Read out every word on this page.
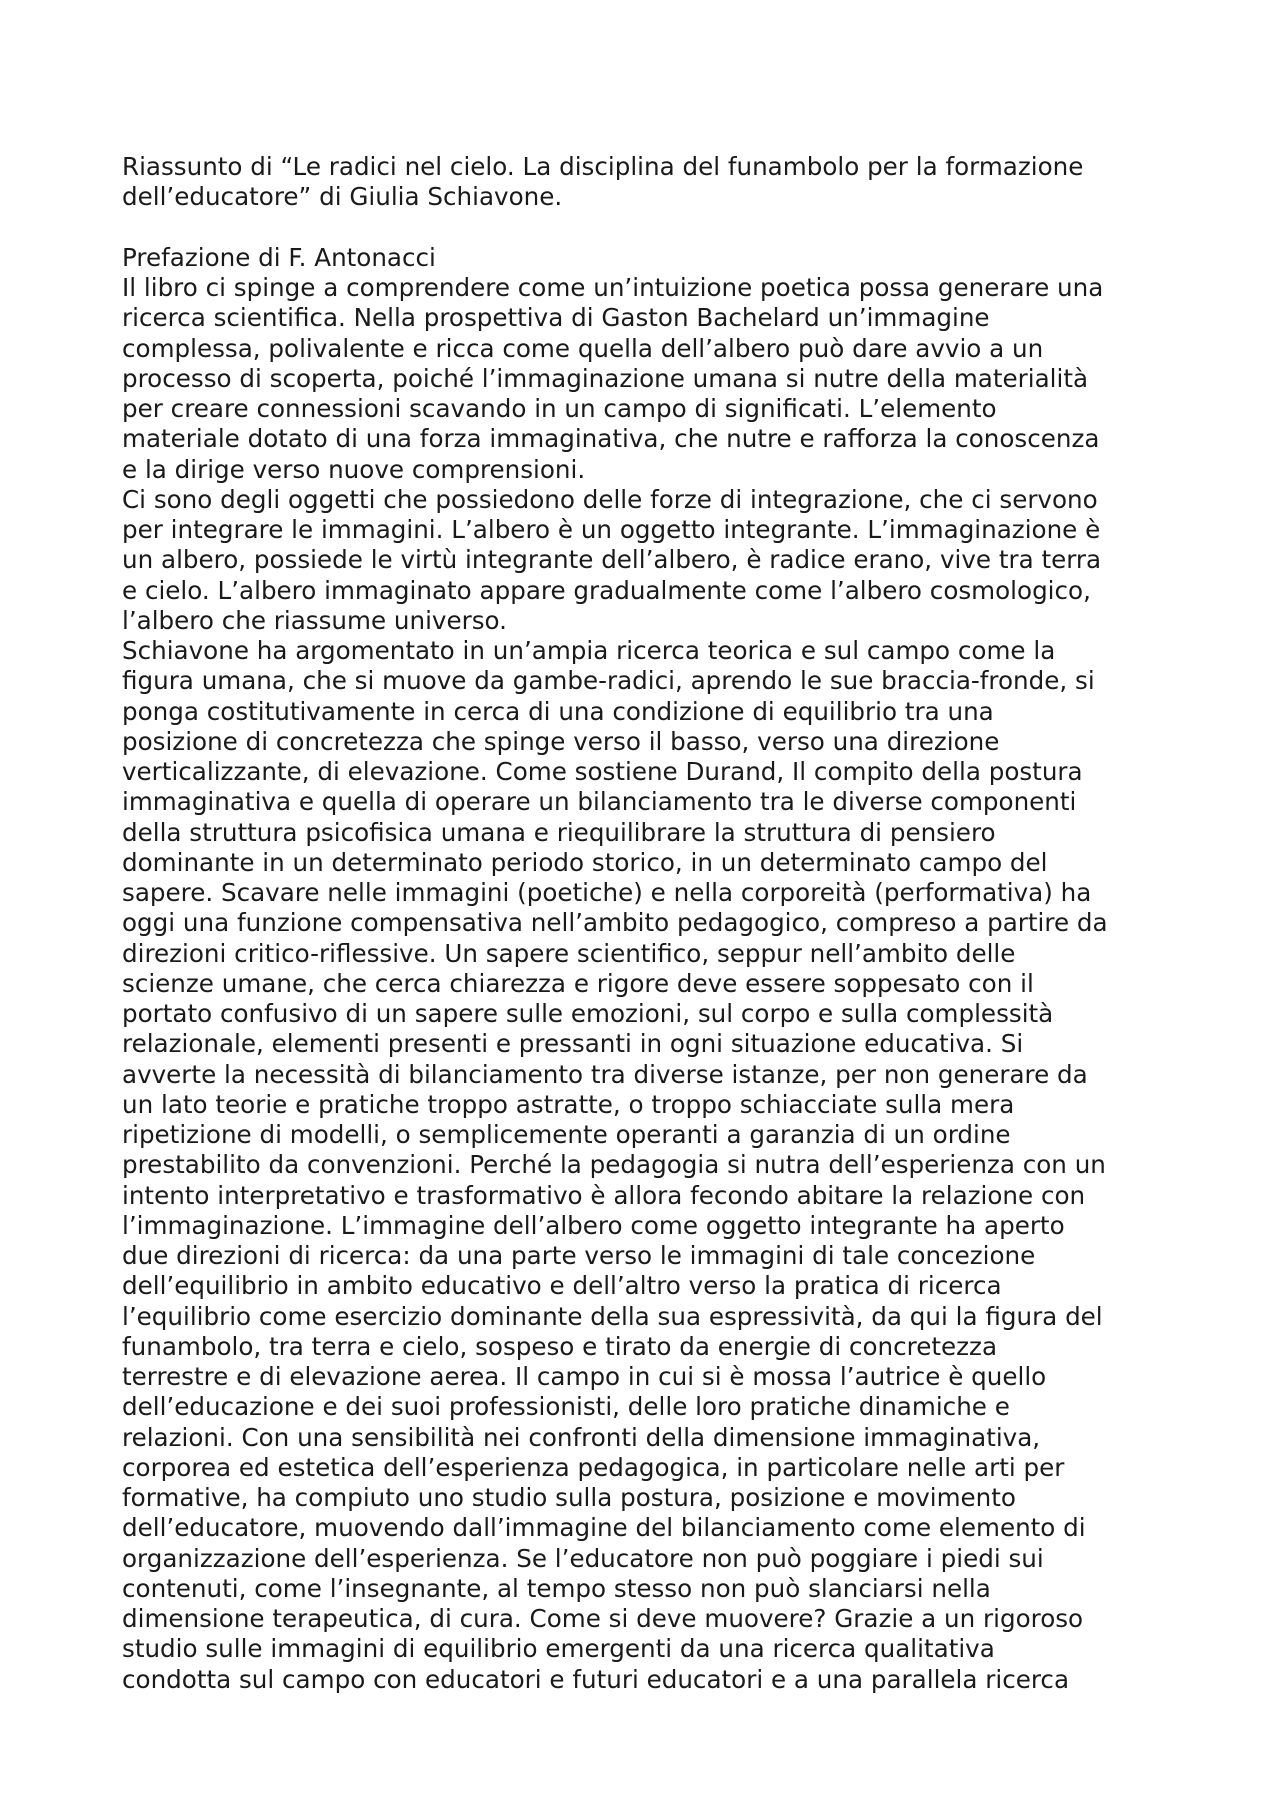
Riassunto di “Le radici nel cielo. La disciplina del funambolo per la formazione
dell’educatore” di Giulia Schiavone.
Prefazione di F. Antonacci
Il libro ci spinge a comprendere come un’intuizione poetica possa generare una
ricerca scientifica. Nella prospettiva di Gaston Bachelard un’immagine
complessa, polivalente e ricca come quella dell’albero può dare avvio a un
processo di scoperta, poiché l’immaginazione umana si nutre della materialità
per creare connessioni scavando in un campo di significati. L’elemento
materiale dotato di una forza immaginativa, che nutre e rafforza la conoscenza
e la dirige verso nuove comprensioni.
Ci sono degli oggetti che possiedono delle forze di integrazione, che ci servono
per integrare le immagini. L’albero è un oggetto integrante. L’immaginazione è
un albero, possiede le virtù integrante dell’albero, è radice erano, vive tra terra
e cielo. L’albero immaginato appare gradualmente come l’albero cosmologico,
l’albero che riassume universo.
Schiavone ha argomentato in un’ampia ricerca teorica e sul campo come la
figura umana, che si muove da gambe-radici, aprendo le sue braccia-fronde, si
ponga costitutivamente in cerca di una condizione di equilibrio tra una
posizione di concretezza che spinge verso il basso, verso una direzione
verticalizzante, di elevazione. Come sostiene Durand, Il compito della postura
immaginativa e quella di operare un bilanciamento tra le diverse componenti
della struttura psicofisica umana e riequilibrare la struttura di pensiero
dominante in un determinato periodo storico, in un determinato campo del
sapere. Scavare nelle immagini (poetiche) e nella corporeità (performativa) ha
oggi una funzione compensativa nell’ambito pedagogico, compreso a partire da
direzioni critico-riflessive. Un sapere scientifico, seppur nell’ambito delle
scienze umane, che cerca chiarezza e rigore deve essere soppesato con il
portato confusivo di un sapere sulle emozioni, sul corpo e sulla complessità
relazionale, elementi presenti e pressanti in ogni situazione educativa. Si
avverte la necessità di bilanciamento tra diverse istanze, per non generare da
un lato teorie e pratiche troppo astratte, o troppo schiacciate sulla mera
ripetizione di modelli, o semplicemente operanti a garanzia di un ordine
prestabilito da convenzioni. Perché la pedagogia si nutra dell’esperienza con un
intento interpretativo e trasformativo è allora fecondo abitare la relazione con
l’immaginazione. L’immagine dell’albero come oggetto integrante ha aperto
due direzioni di ricerca: da una parte verso le immagini di tale concezione
dell’equilibrio in ambito educativo e dell’altro verso la pratica di ricerca
l’equilibrio come esercizio dominante della sua espressività, da qui la figura del
funambolo, tra terra e cielo, sospeso e tirato da energie di concretezza
terrestre e di elevazione aerea. Il campo in cui si è mossa l’autrice è quello
dell’educazione e dei suoi professionisti, delle loro pratiche dinamiche e
relazioni. Con una sensibilità nei confronti della dimensione immaginativa,
corporea ed estetica dell’esperienza pedagogica, in particolare nelle arti per
formative, ha compiuto uno studio sulla postura, posizione e movimento
dell’educatore, muovendo dall’immagine del bilanciamento come elemento di
organizzazione dell’esperienza. Se l’educatore non può poggiare i piedi sui
contenuti, come l’insegnante, al tempo stesso non può slanciarsi nella
dimensione terapeutica, di cura. Come si deve muovere? Grazie a un rigoroso
studio sulle immagini di equilibrio emergenti da una ricerca qualitativa
condotta sul campo con educatori e futuri educatori e a una parallela ricerca
